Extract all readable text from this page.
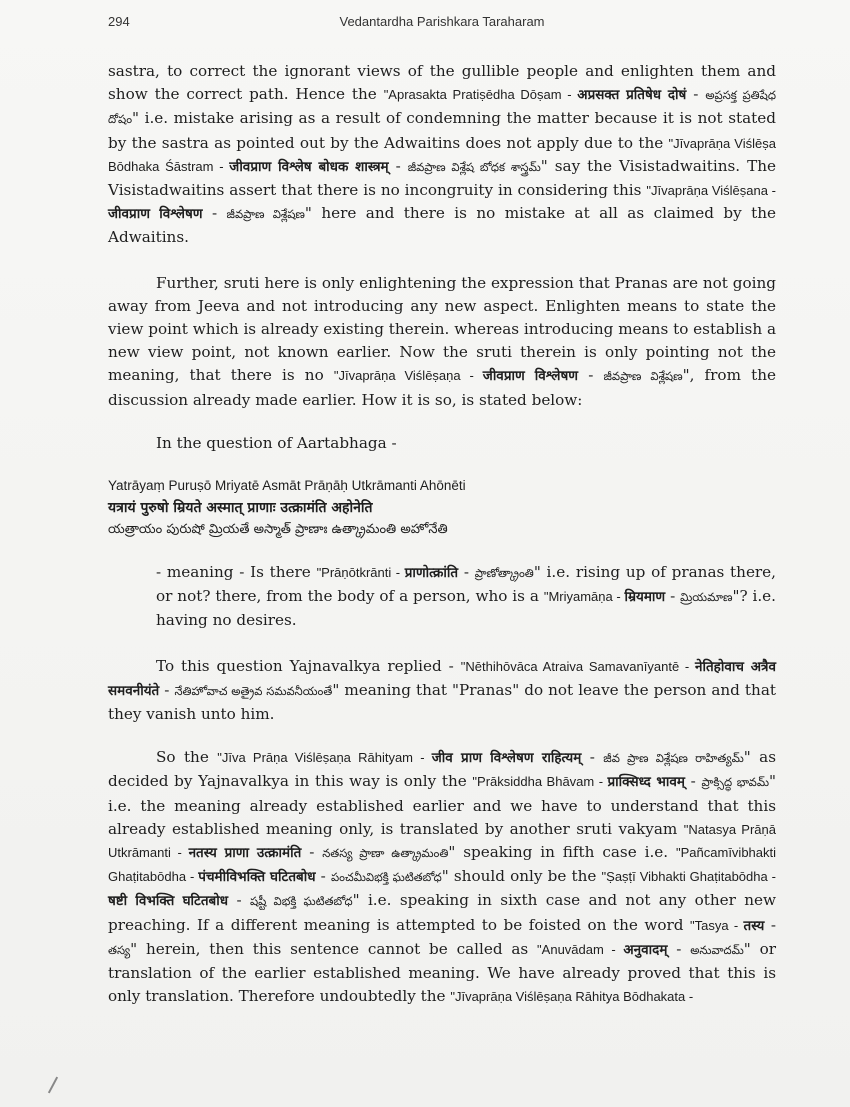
294	Vedantardha Parishkara Taraharam

sastra, to correct the ignorant views of the gullible people and enlighten them and show the correct path. Hence the "Aprasakta Pratiṣēdha Dōṣam - अप्रसक्त प्रतिषेध दोषं - అప్రసక్త ప్రతిషేధ దోషం" i.e. mistake arising as a result of condemning the matter because it is not stated by the sastra as pointed out by the Adwaitins does not apply due to the "Jīvaprāṇa Viślēṣa Bōdhaka Śāstram - जीवप्राण विश्लेष बोधक शास्त्रम् - జీవప్రాణ విశ్లేష బోధక శాస్త్రమ్" say the Visistadwaitins. The Visistadwaitins assert that there is no incongruity in considering this "Jīvaprāṇa Viślēṣana - जीवप्राण विश्लेषण - జీవప్రాణ విశ్లేషణ" here and there is no mistake at all as claimed by the Adwaitins.

Further, sruti here is only enlightening the expression that Pranas are not going away from Jeeva and not introducing any new aspect. Enlighten means to state the view point which is already existing therein. whereas introducing means to establish a new view point, not known earlier. Now the sruti therein is only pointing not the meaning, that there is no "Jīvaprāṇa Viślēṣaṇa - जीवप्राण विश्लेषण - జీవప్రాణ విశ్లేషణ", from the discussion already made earlier. How it is so, is stated below:

In the question of Aartabhaga -

Yatrāyaṃ Puruṣō Mriyatē Asmāt Prāṇāḥ Utkrāmanti Ahōnēti
यत्रायं पुरुषो म्रियते अस्मात् प्राणाः उत्क्रामंति अहोनेति
యత్రాయం పురుషో మ్రియతే అస్మాత్ ప్రాణాః ఉత్క్రామంతి అహోనేతి

- meaning - Is there "Prāṇōtkrānti - प्राणोत्क्रांति - ప్రాణోత్క్రాంతి" i.e. rising up of pranas there, or not? there, from the body of a person, who is a "Mriyamāṇa - म्रियमाण - మ్రియమాణ"? i.e. having no desires.

To this question Yajnavalkya replied - "Nēthihōvāca Atraiva Samavanīyantē - नेतिहोवाच अत्रैव समवनीयंते - నేతిహోవాచ అత్రైవ సమవనీయంతే" meaning that "Pranas" do not leave the person and that they vanish unto him.

So the "Jīva Prāṇa Viślēṣaṇa Rāhityam - जीव प्राण विश्लेषण राहित्यम् - జీవ ప్రాణ విశ్లేషణ రాహిత్యమ్" as decided by Yajnavalkya in this way is only the "Prāksiddha Bhāvam - प्राक्सिध्द भावम् - ప్రాక్సిద్ధ భావమ్" i.e. the meaning already established earlier and we have to understand that this already established meaning only, is translated by another sruti vakyam "Natasya Prāṇā Utkrāmanti - नतस्य प्राणा उत्क्रामंति - నతస్య ప్రాణా ఉత్క్రామంతి" speaking in fifth case i.e. "Pañcamīvibhakti Ghaṭitabōdha - पंचमीविभक्ति घटितबोध - పంచమీవిభక్తి ఘటితబోధ" should only be the "Ṣaṣṭī Vibhakti Ghaṭitabōdha - षष्टी विभक्ति घटितबोध - షష్టీ విభక్తి ఘటితబోధ" i.e. speaking in sixth case and not any other new preaching. If a different meaning is attempted to be foisted on the word "Tasya - तस्य - తస్య" herein, then this sentence cannot be called as "Anuvādam - अनुवादम् - అనువాదమ్" or translation of the earlier established meaning. We have already proved that this is only translation. Therefore undoubtedly the "Jīvaprāṇa Viślēṣaṇa Rāhitya Bōdhakata -
